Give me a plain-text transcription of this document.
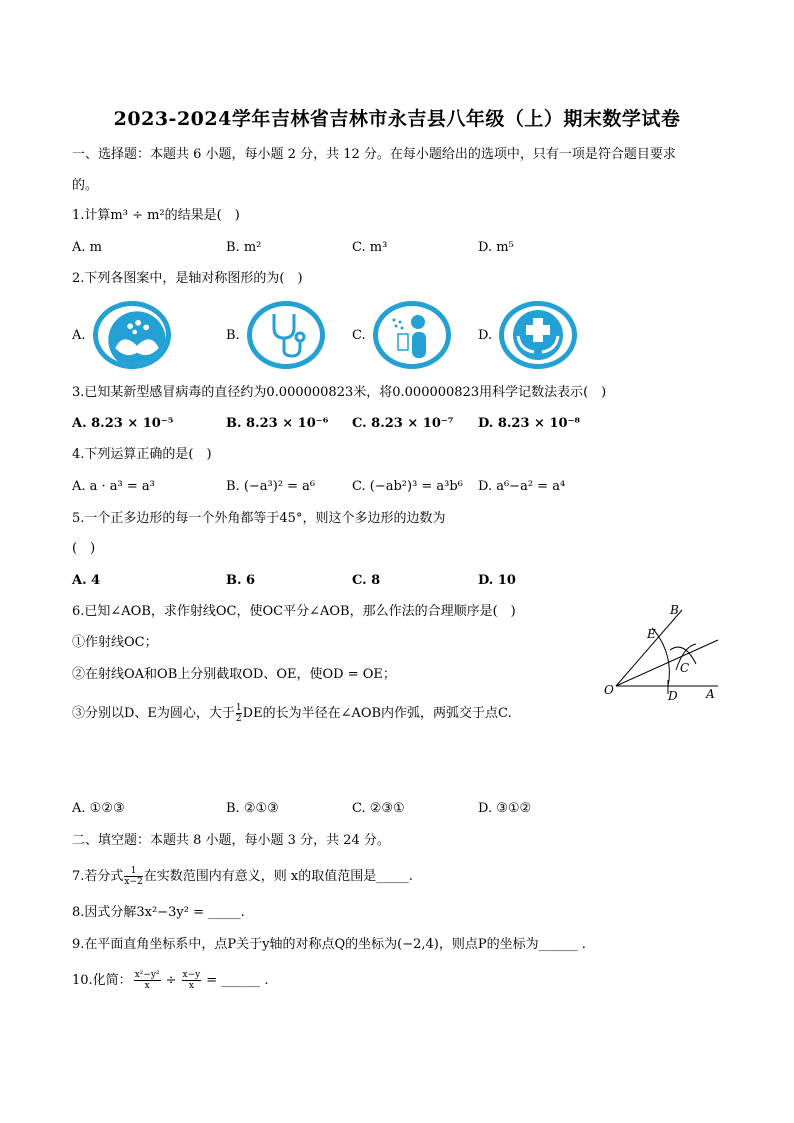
2023-2024学年吉林省吉林市永吉县八年级（上）期末数学试卷
一、选择题：本题共 6 小题，每小题 2 分，共 12 分。在每小题给出的选项中，只有一项是符合题目要求
的。
1.计算m³ ÷ m²的结果是(　)
A. m	B. m²	C. m³	D. m⁵
2.下列各图案中，是轴对称图形的为(　)
A.	B.	C.	D.
3.已知某新型感冒病毒的直径约为0.000000823米，将0.000000823用科学记数法表示(　)
A. 8.23 × 10⁻⁵	B. 8.23 × 10⁻⁶ C. 8.23 × 10⁻⁷ D. 8.23 × 10⁻⁸
4.下列运算正确的是(　)
A. a · a³ = a³	B. (−a³)² = a⁶	C. (−ab²)³ = a³b⁶ D. a⁶−a² = a⁴
5.一个正多边形的每一个外角都等于45°，则这个多边形的边数为
(　)
A. 4	B. 6	C. 8	D. 10
6.已知∠AOB，求作射线OC，使OC平分∠AOB，那么作法的合理顺序是(　)
①作射线OC；
②在射线OA和OB上分别截取OD、OE，使OD = OE；
③分别以D、E为圆心，大于 $\frac{1}{2}$ DE的长为半径在∠AOB内作弧，两弧交于点C.
B
E
C
O	D A
A. ①②③	B. ②①③	C. ②③①	D. ③①②
二、填空题：本题共 8 小题，每小题 3 分，共 24 分。
7.若分式 $\frac{1}{x-2}$ 在实数范围内有意义，则 x的取值范围是_____.
8.因式分解3x²−3y² = _____.
9.在平面直角坐标系中，点P关于y轴的对称点Q的坐标为(−2,4)，则点P的坐标为______ .
10.化简： $\frac{\text{x²−y²}}{x} \div \frac{x-y}{x}$ = ______ .
